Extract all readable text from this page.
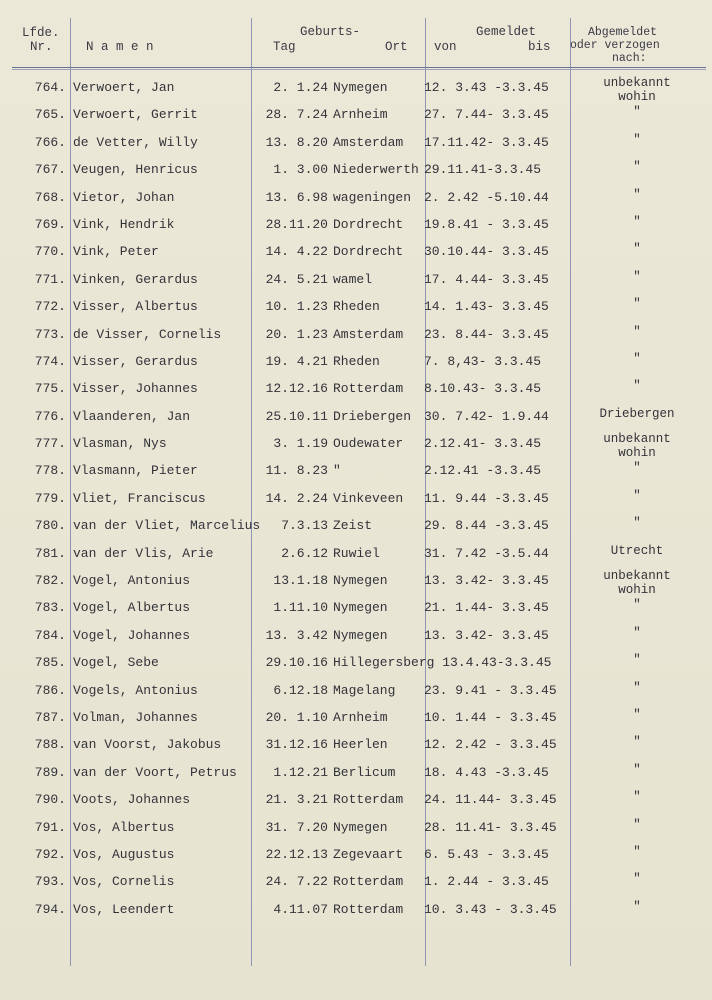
Lfde.
Nr.	N a m e n
Geburts-
Tag	Ort
Gemeldet
von	bis
Abgemeldet
oder verzogen
nach:
764. Verwoert, Jan	2. 1.24 Nymegen	12. 3.43 -3.3.45	unbekannt
wohin
765. Verwoert, Gerrit	28. 7.24 Arnheim	27. 7.44- 3.3.45	"
766. de Vetter, Willy	13. 8.20 Amsterdam 17.11.42- 3.3.45	"
767. Veugen, Henricus	1. 3.00 Niederwerth 29.11.41-3.3.45	"
768. Vietor, Johan	13. 6.98 wageningen 2. 2.42 -5.10.44	"
769. Vink, Hendrik	28.11.20 Dordrecht 19.8.41 - 3.3.45	"
770. Vink, Peter	14. 4.22 Dordrecht 30.10.44- 3.3.45	"
771. Vinken, Gerardus	24. 5.21 wamel	17. 4.44- 3.3.45	"
772. Visser, Albertus	10. 1.23 Rheden	14. 1.43- 3.3.45	"
773. de Visser, Cornelis	20. 1.23 Amsterdam 23. 8.44- 3.3.45	"
774. Visser, Gerardus	19. 4.21 Rheden	7. 8,43- 3.3.45	"
775. Visser, Johannes	12.12.16 Rotterdam 8.10.43- 3.3.45	"
776. Vlaanderen, Jan	25.10.11 Driebergen 30. 7.42- 1.9.44	Driebergen
777. Vlasman, Nys	3. 1.19 Oudewater 2.12.41- 3.3.45	unbekannt
wohin
778. Vlasmann, Pieter	11. 8.23 "	2.12.41 -3.3.45	"
779. Vliet, Franciscus	14. 2.24 Vinkeveen 11. 9.44 -3.3.45	"
780. van der Vliet, Marcelius	7.3.13 Zeist	29. 8.44 -3.3.45	"
781. van der Vlis, Arie	2.6.12 Ruwiel	31. 7.42 -3.5.44	Utrecht
782. Vogel, Antonius	13.1.18 Nymegen	13. 3.42- 3.3.45	unbekannt
wohin
783. Vogel, Albertus	1.11.10 Nymegen	21. 1.44- 3.3.45	"
784. Vogel, Johannes	13. 3.42 Nymegen	13. 3.42- 3.3.45	"
785. Vogel, Sebe	29.10.16 Hillegersberg 13.4.43-3.3.45	"
786. Vogels, Antonius	6.12.18 Magelang 23. 9.41 - 3.3.45	"
787. Volman, Johannes	20. 1.10 Arnheim	10. 1.44 - 3.3.45	"
788. van Voorst, Jakobus	31.12.16 Heerlen	12. 2.42 - 3.3.45	"
789. van der Voort, Petrus	1.12.21 Berlicum 18. 4.43 -3.3.45	"
790. Voots, Johannes	21. 3.21 Rotterdam 24. 11.44- 3.3.45	"
791. Vos, Albertus	31. 7.20 Nymegen	28. 11.41- 3.3.45	"
792. Vos, Augustus	22.12.13 Zegevaart 6. 5.43 - 3.3.45	"
793. Vos, Cornelis	24. 7.22 Rotterdam 1. 2.44 - 3.3.45	"
794. Vos, Leendert	4.11.07 Rotterdam 10. 3.43 - 3.3.45	"
